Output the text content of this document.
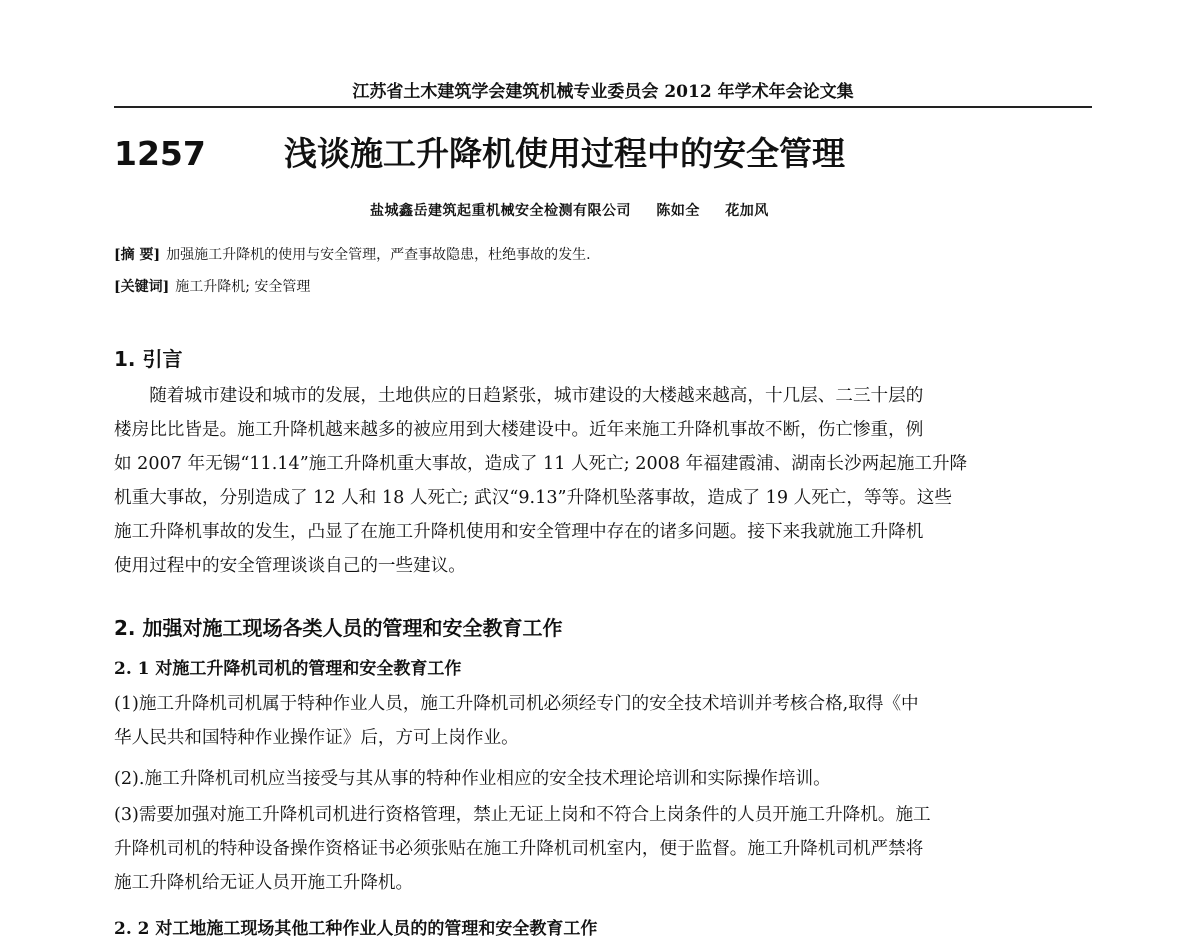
江苏省土木建筑学会建筑机械专业委员会 2012 年学术年会论文集
1257 浅谈施工升降机使用过程中的安全管理
盐城鑫岳建筑起重机械安全检测有限公司 陈如全 花加风
[摘 要] 加强施工升降机的使用与安全管理，严查事故隐患，杜绝事故的发生.
[关键词] 施工升降机; 安全管理
1. 引言
　　随着城市建设和城市的发展，土地供应的日趋紧张，城市建设的大楼越来越高，十几层、二三十层的
楼房比比皆是。施工升降机越来越多的被应用到大楼建设中。近年来施工升降机事故不断，伤亡惨重，例
如 2007 年无锡“11.14”施工升降机重大事故，造成了 11 人死亡; 2008 年福建霞浦、湖南长沙两起施工升降
机重大事故，分别造成了 12 人和 18 人死亡; 武汉“9.13”升降机坠落事故，造成了 19 人死亡，等等。这些
施工升降机事故的发生，凸显了在施工升降机使用和安全管理中存在的诸多问题。接下来我就施工升降机
使用过程中的安全管理谈谈自己的一些建议。
2. 加强对施工现场各类人员的管理和安全教育工作
2. 1 对施工升降机司机的管理和安全教育工作
(1)施工升降机司机属于特种作业人员，施工升降机司机必须经专门的安全技术培训并考核合格,取得《中
华人民共和国特种作业操作证》后，方可上岗作业。
(2).施工升降机司机应当接受与其从事的特种作业相应的安全技术理论培训和实际操作培训。
(3)需要加强对施工升降机司机进行资格管理，禁止无证上岗和不符合上岗条件的人员开施工升降机。施工
升降机司机的特种设备操作资格证书必须张贴在施工升降机司机室内，便于监督。施工升降机司机严禁将
施工升降机给无证人员开施工升降机。
2. 2 对工地施工现场其他工种作业人员的的管理和安全教育工作
